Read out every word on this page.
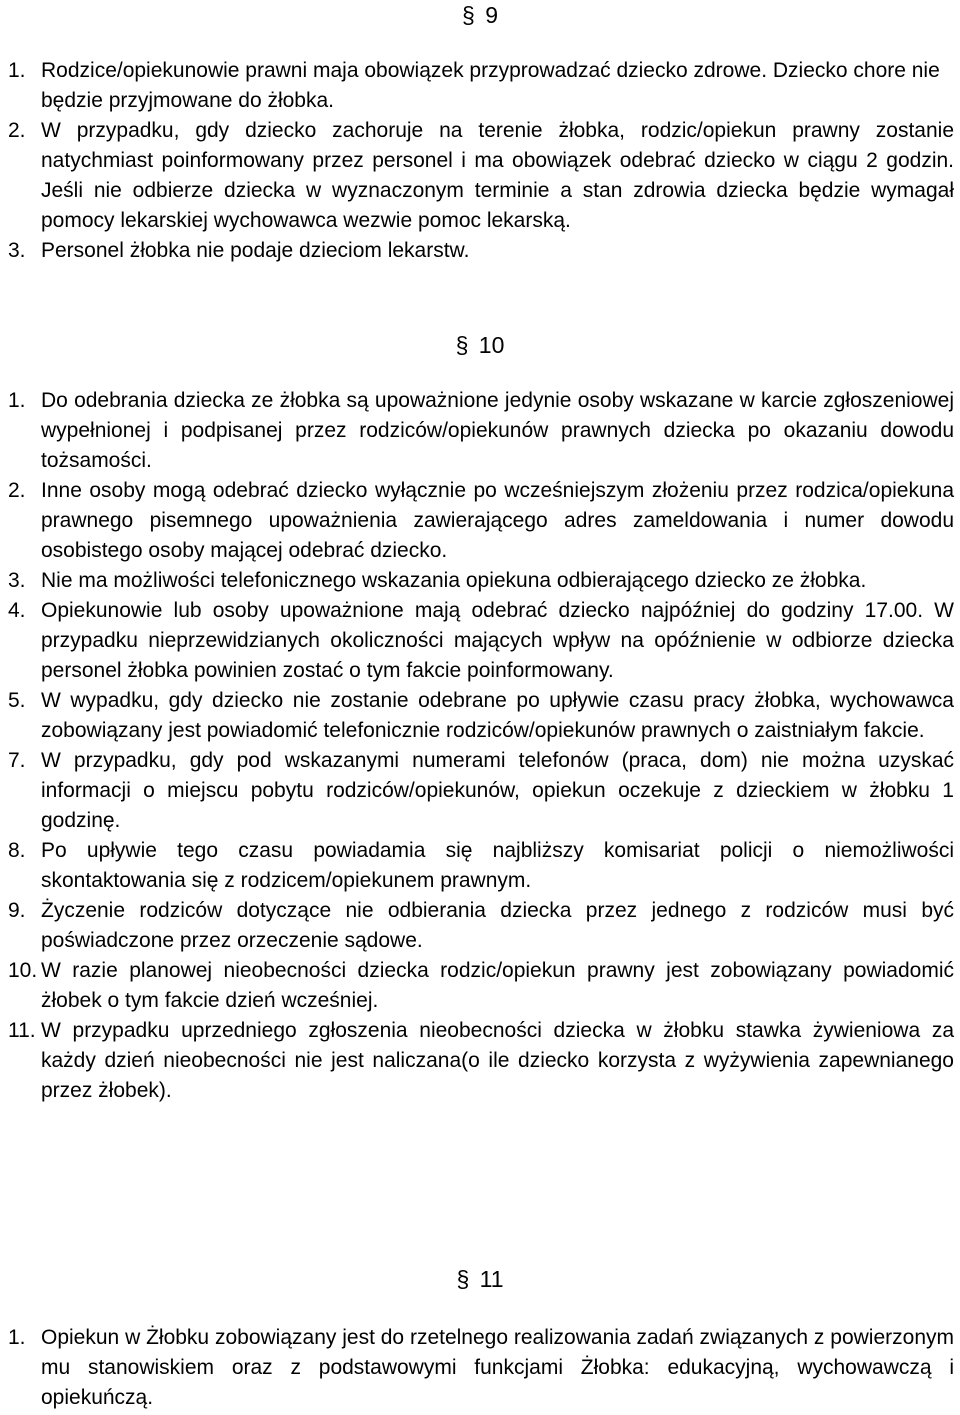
§ 9

1. Rodzice/opiekunowie prawni maja obowiązek przyprowadzać dziecko zdrowe. Dziecko chore nie będzie przyjmowane do żłobka.
2. W przypadku, gdy dziecko zachoruje na terenie żłobka, rodzic/opiekun prawny zostanie natychmiast poinformowany przez personel i ma obowiązek odebrać dziecko w ciągu 2 godzin. Jeśli nie odbierze dziecka w wyznaczonym terminie a stan zdrowia dziecka będzie wymagał pomocy lekarskiej wychowawca wezwie pomoc lekarską.
3. Personel żłobka nie podaje dzieciom lekarstw.

§ 10

1. Do odebrania dziecka ze żłobka są upoważnione jedynie osoby wskazane w karcie zgłoszeniowej wypełnionej i podpisanej przez rodziców/opiekunów prawnych dziecka po okazaniu dowodu tożsamości.
2. Inne osoby mogą odebrać dziecko wyłącznie po wcześniejszym złożeniu przez rodzica/opiekuna prawnego pisemnego upoważnienia zawierającego adres zameldowania i numer dowodu osobistego osoby mającej odebrać dziecko.
3. Nie ma możliwości telefonicznego wskazania opiekuna odbierającego dziecko ze żłobka.
4. Opiekunowie lub osoby upoważnione mają odebrać dziecko najpóźniej do godziny 17.00. W przypadku nieprzewidzianych okoliczności mających wpływ na opóźnienie w odbiorze dziecka personel żłobka powinien zostać o tym fakcie poinformowany.
5. W wypadku, gdy dziecko nie zostanie odebrane po upływie czasu pracy żłobka, wychowawca zobowiązany jest powiadomić telefonicznie rodziców/opiekunów prawnych o zaistniałym fakcie.
7. W przypadku, gdy pod wskazanymi numerami telefonów (praca, dom) nie można uzyskać informacji o miejscu pobytu rodziców/opiekunów, opiekun oczekuje z dzieckiem w żłobku 1 godzinę.
8. Po upływie tego czasu powiadamia się najbliższy komisariat policji o niemożliwości skontaktowania się z rodzicem/opiekunem prawnym.
9. Życzenie rodziców dotyczące nie odbierania dziecka przez jednego z rodziców musi być poświadczone przez orzeczenie sądowe.
10. W razie planowej nieobecności dziecka rodzic/opiekun prawny jest zobowiązany powiadomić żłobek o tym fakcie dzień wcześniej.
11. W przypadku uprzedniego zgłoszenia nieobecności dziecka w żłobku stawka żywieniowa za każdy dzień nieobecności nie jest naliczana(o ile dziecko korzysta z wyżywienia zapewnianego przez żłobek).

§ 11

1. Opiekun w Żłobku zobowiązany jest do rzetelnego realizowania zadań związanych z powierzonym mu stanowiskiem oraz z podstawowymi funkcjami Żłobka: edukacyjną, wychowawczą i opiekuńczą.
